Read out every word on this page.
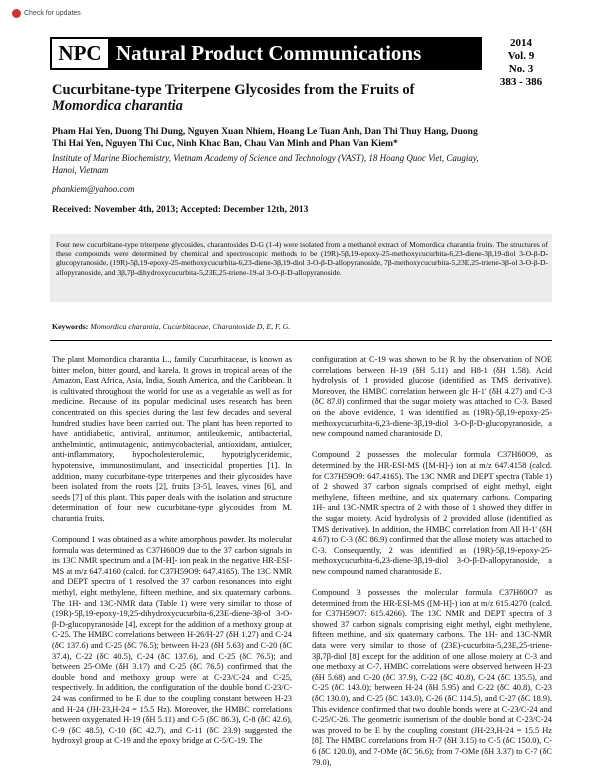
Check for updates
NPC Natural Product Communications	2014
Vol. 9
No. 3
383 - 386
Cucurbitane-type Triterpene Glycosides from the Fruits of
Momordica charantia
Pham Hai Yen, Duong Thi Dung, Nguyen Xuan Nhiem, Hoang Le Tuan Anh, Dan Thi Thuy Hang, Duong Thi Hai Yen, Nguyen Thi Cuc, Ninh Khac Ban, Chau Van Minh and Phan Van Kiem*
Institute of Marine Biochemistry, Vietnam Academy of Science and Technology (VAST), 18 Hoang Quoc Viet, Caugiay, Hanoi, Vietnam
phankiem@yahoo.com
Received: November 4th, 2013; Accepted: December 12th, 2013
Four new cucurbitane-type triterpene glycosides, charantosides D-G (1-4) were isolated from a methanol extract of Momordica charantia fruits. The structures of these compounds were determined by chemical and spectroscopic methods to be (19R)-5β,19-epoxy-25-methoxycucurbita-6,23-diene-3β,19-diol 3-O-β-D-glucopyranoside, (19R)-5β,19-epoxy-25-methoxycucurbita-6,23-diene-3β,19-diol 3-O-β-D-allopyranoside, 7β-methoxycucurbita-5,23E,25-triene-3β-ol 3-O-β-D-allopyranoside, and 3β,7β-dihydroxycucurbita-5,23E,25-triene-19-al 3-O-β-D-allopyranoside.
Keywords: Momordica charantia, Cucurbitaceae, Charantoside D, E, F, G.

The plant Momordica charantia L., family Cucurbitaceae, is known as bitter melon, bitter gourd, and karela. It grows in tropical areas of the Amazon, East Africa, Asia, India, South America, and the Caribbean. It is cultivated throughout the world for use as a vegetable as well as for medicine. Because of its popular medicinal uses research has been concentrated on this species during the last few decades and several hundred studies have been carried out. The plant has been reported to have antidiabetic, antiviral, antitumor, antileukemic, antibacterial, anthelmintic, antimutagenic, antimycobacterial, antioxidant, antiulcer, anti-inflammatory, hypocholesterolemic, hypotriglyceridemic, hypotensive, immunostimulant, and insecticidal properties [1]. In addition, many cucurbitane-type triterpenes and their glycosides have been isolated from the roots [2], fruits [3-5], leaves, vines [6], and seeds [7] of this plant. This paper deals with the isolation and structure determination of four new cucurbitane-type glycosides from M. charantia fruits.

Compound 1 was obtained as a white amorphous powder. Its molecular formula was determined as C37H60O9 due to the 37 carbon signals in its 13C NMR spectrum and a [M-H]- ion peak in the negative HR-ESI-MS at m/z 647.4160 (calcd. for C37H59O9: 647.4165). The 13C NMR and DEPT spectra of 1 resolved the 37 carbon resonances into eight methyl, eight methylene, fifteen methine, and six quaternary carbons. The 1H- and 13C-NMR data (Table 1) were very similar to those of (19R)-5β,19-epoxy-19,25-dihydroxycucurbita-6,23E-diene-3β-ol 3-O-β-D-glucopyranoside [4], except for the addition of a methoxy group at C-25. The HMBC correlations between H-26/H-27 (δH 1.27) and C-24 (δC 137.6) and C-25 (δC 76.5); between H-23 (δH 5.63) and C-20 (δC 37.4), C-22 (δC 40.5), C-24 (δC 137.6), and C-25 (δC 76.5); and between 25-OMe (δH 3.17) and C-25 (δC 76.5) confirmed that the double bond and methoxy group were at C-23/C-24 and C-25, respectively. In addition, the configuration of the double bond C-23/C-24 was confirmed to be E due to the coupling constant between H-23 and H-24 (JH-23,H-24 = 15.5 Hz). Moreover, the HMBC correlations between oxygenated H-19 (δH 5.11) and C-5 (δC 86.3), C-8 (δC 42.6), C-9 (δC 48.5), C-10 (δC 42.7), and C-11 (δC 23.9) suggested the hydroxyl group at C-19 and the epoxy bridge at C-5/C-19. The

configuration at C-19 was shown to be R by the observation of NOE correlations between H-19 (δH 5.11) and H8-1 (δH 1.58). Acid hydrolysis of 1 provided glucose (identified as TMS derivative). Moreover, the HMBC correlation between glc H-1' (δH 4.27) and C-3 (δC 87.0) confirmed that the sugar moiety was attached to C-3. Based on the above evidence, 1 was identified as (19R)-5β,19-epoxy-25-methoxycucurbita-6,23-diene-3β,19-diol 3-O-β-D-glucopyranoside, a new compound named charantoside D.

Compound 2 possesses the molecular formula C37H60O9, as determined by the HR-ESI-MS ([M-H]-) ion at m/z 647.4158 (calcd. for C37H59O9: 647.4165). The 13C NMR and DEPT spectra (Table 1) of 2 showed 37 carbon signals comprised of eight methyl, eight methylene, fifteen methine, and six quaternary carbons. Comparing 1H- and 13C-NMR spectra of 2 with those of 1 showed they differ in the sugar moiety. Acid hydrolysis of 2 provided allose (identified as TMS derivative). In addition, the HMBC correlation from All H-1' (δH 4.67) to C-3 (δC 86.9) confirmed that the allose moiety was attached to C-3. Consequently, 2 was identified as (19R)-5β,19-epoxy-25-methoxycucurbita-6,23-diene-3β,19-diol 3-O-β-D-allopyranoside, a new compound named charantoside E.

Compound 3 possesses the molecular formula C37H60O7 as determined from the HR-ESI-MS ([M-H]-) ion at m/z 615.4270 (calcd. for C37H59O7: 615.4266). The 13C NMR and DEPT spectra of 3 showed 37 carbon signals comprising eight methyl, eight methylene, fifteen methine, and six quaternary carbons. The 1H- and 13C-NMR data were very similar to those of (23E)-cucurbita-5,23E,25-triene-3β,7β-diol [8] except for the addition of one allose moiety at C-3 and one methoxy at C-7. HMBC correlations were observed between H-23 (δH 5.68) and C-20 (δC 37.9), C-22 (δC 40.8), C-24 (δC 135.5), and C-25 (δC 143.0); between H-24 (δH 5.95) and C-22 (δC 40.8), C-23 (δC 130.0), and C-25 (δC 143.0), C-26 (δC 114.5), and C-27 (δC 18.9). This evidence confirmed that two double bonds were at C-23/C-24 and C-25/C-26. The geometric isomerism of the double bond at C-23/C-24 was proved to be E by the coupling constant (JH-23,H-24 = 15.5 Hz [8]. The HMBC correlations from H-7 (δH 3.15) to C-5 (δC 150.0), C-6 (δC 120.0), and 7-OMe (δC 56.6); from 7-OMe (δH 3.37) to C-7 (δC 79.0),
